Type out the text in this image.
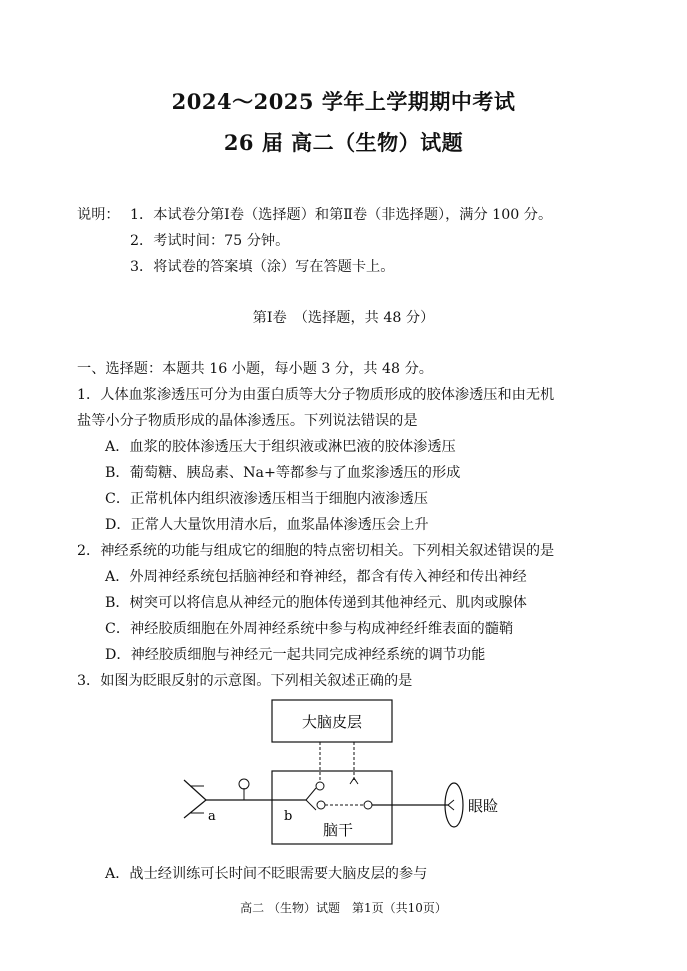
2024～2025 学年上学期期中考试
26 届 高二（生物）试题
说明： 1．本试卷分第Ⅰ卷（选择题）和第Ⅱ卷（非选择题），满分 100 分。
2．考试时间：75 分钟。
3．将试卷的答案填（涂）写在答题卡上。
第Ⅰ卷　（选择题，共 48 分）
一、选择题：本题共 16 小题，每小题 3 分，共 48 分。
1．人体血浆渗透压可分为由蛋白质等大分子物质形成的胶体渗透压和由无机
盐等小分子物质形成的晶体渗透压。下列说法错误的是
A．血浆的胶体渗透压大于组织液或淋巴液的胶体渗透压
B．葡萄糖、胰岛素、Na+等都参与了血浆渗透压的形成
C．正常机体内组织液渗透压相当于细胞内液渗透压
D．正常人大量饮用清水后，血浆晶体渗透压会上升
2．神经系统的功能与组成它的细胞的特点密切相关。下列相关叙述错误的是
A．外周神经系统包括脑神经和脊神经，都含有传入神经和传出神经
B．树突可以将信息从神经元的胞体传递到其他神经元、肌肉或腺体
C．神经胶质细胞在外周神经系统中参与构成神经纤维表面的髓鞘
D．神经胶质细胞与神经元一起共同完成神经系统的调节功能
3．如图为眨眼反射的示意图。下列相关叙述正确的是
大脑皮层
脑干
a	b
眼睑
A．战士经训练可长时间不眨眼需要大脑皮层的参与
高二 （生物）试题　第1页（共10页）
